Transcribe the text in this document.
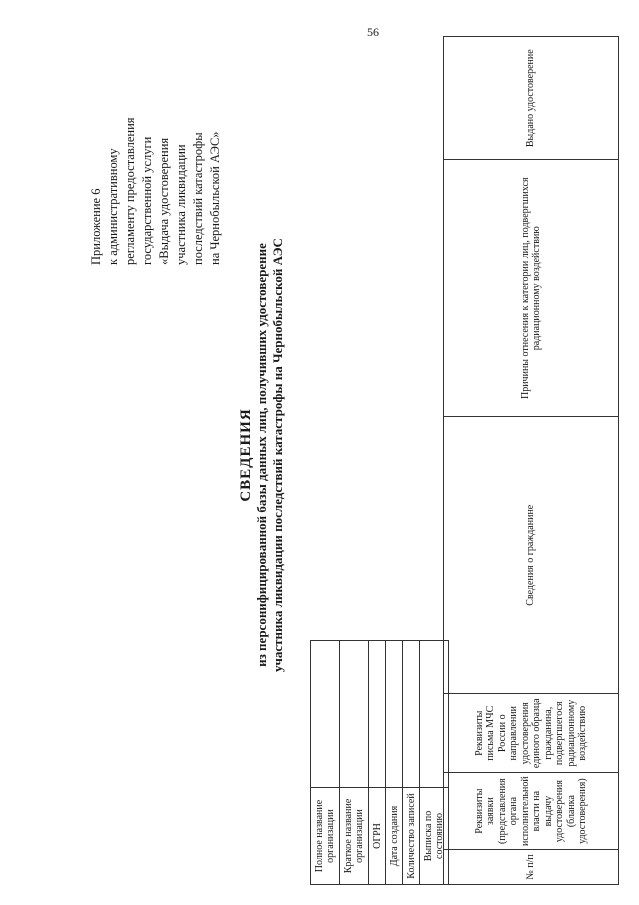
56
Приложение 6 к административному регламенту предоставления государственной услуги «Выдача удостоверения участника ликвидации последствий катастрофы на Чернобыльской АЭС»
СВЕДЕНИЯ из персонифицированной базы данных лиц, получивших удостоверение участника ликвидации последствий катастрофы на Чернобыльской АЭС
Полное название организации	
Краткое название организации	
ОГРН	
Дата создания	
Количество записей	
Выписка по состоянию	
№ п/п	Реквизиты заявки (представления органа исполнительной власти на выдачу удостоверения (бланка удостоверения)	Реквизиты письма МЧС России о направлении удостоверения единого образца гражданина, подвергшегося радиационному воздействию	Сведения о гражданине	Причины отнесения к категории лиц, подвергшихся радиационному воздействию	Выдано удостоверение
